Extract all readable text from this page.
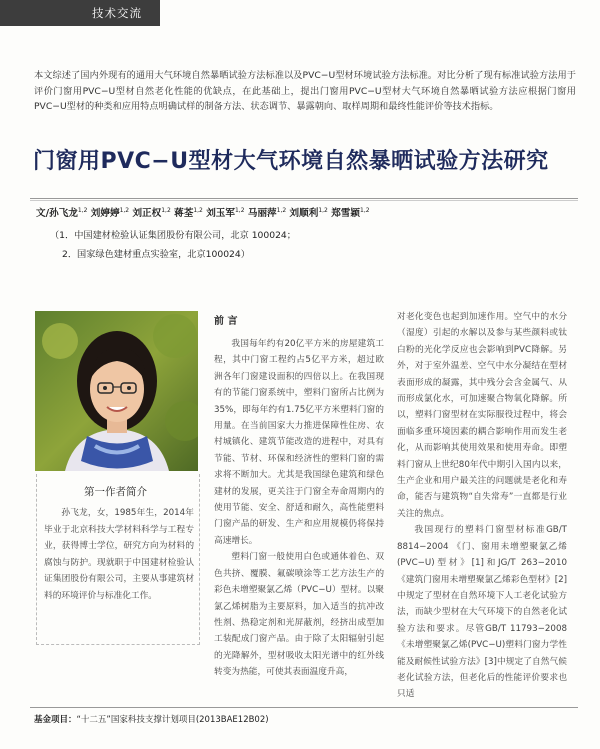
技术交流
本文综述了国内外现有的通用大气环境自然暴晒试验方法标准以及PVC−U型材环境试验方法标准。对比分析了现有标准试验方法用于评价门窗用PVC−U型材自然老化性能的优缺点，在此基础上，提出门窗用PVC−U型材大气环境自然暴晒试验方法应根据门窗用PVC−U型材的种类和应用特点明确试样的制备方法、状态调节、暴露朝向、取样周期和最终性能评价等技术指标。
门窗用PVC−U型材大气环境自然暴晒试验方法研究
文/孙飞龙$^{1,2}$ 刘婷婷$^{1,2}$ 刘正权$^{1,2}$ 蒋荃$^{1,2}$ 刘玉军$^{1,2}$ 马丽萍$^{1,2}$ 刘顺利$^{1,2}$ 郑雪颖$^{1,2}$
（1．中国建材检验认证集团股份有限公司，北京 100024；
2．国家绿色建材重点实验室，北京100024）
第一作者简介
孙飞龙，女，1985年生，2014年毕业于北京科技大学材料科学与工程专业，获得博士学位，研究方向为材料的腐蚀与防护。现就职于中国建材检验认证集团股份有限公司，主要从事建筑材料的环境评价与标准化工作。
前 言

我国每年约有20亿平方米的房屋建筑工程，其中门窗工程约占5亿平方米，超过欧洲各年门窗建设面积的四倍以上。在我国现有的节能门窗系统中，塑料门窗所占比例为35%，即每年约有1.75亿平方米塑料门窗的用量。在当前国家大力推进保障性住房、农村城镇化、建筑节能改造的进程中，对具有节能、节材、环保和经济性的塑料门窗的需求将不断加大。尤其是我国绿色建筑和绿色建材的发展，更关注于门窗全寿命周期内的使用节能、安全、舒适和耐久，高性能塑料门窗产品的研发、生产和应用规模仍将保持高速增长。

塑料门窗一般使用白色或通体着色、双色共挤、覆膜、氟碳喷涂等工艺方法生产的彩色未增塑聚氯乙烯（PVC−U）型材。以聚氯乙烯树脂为主要原料，加入适当的抗冲改性剂、热稳定剂和光屏蔽剂，经挤出成型加工装配成门窗产品。由于除了太阳辐射引起的光降解外，型材吸收太阳光谱中的红外线转变为热能，可使其表面温度升高，

对老化变色也起到加速作用。空气中的水分（湿度）引起的水解以及参与某些颜料或钛白粉的光化学反应也会影响到PVC降解。另外，对于室外温差、空气中水分凝结在型材表面形成的凝露，其中残分会含金属气、从而形成氯化水，可加速聚合物氧化降解。所以，塑料门窗型材在实际服役过程中，将会面临多重环境因素的耦合影响作用而发生老化，从而影响其使用效果和使用寿命。即塑料门窗从上世纪80年代中期引入国内以来，生产企业和用户最关注的问题就是老化和寿命，能否与建筑物“自失常寿”一直都是行业关注的焦点。

我国现行的塑料门窗型材标准GB/T 8814−2004 《门、窗用未增塑聚氯乙烯(PVC−U)型材》[1]和JG/T 263−2010 《建筑门窗用未增塑聚氯乙烯彩色型材》[2]中规定了型材在自然环境下人工老化试验方法，而缺少型材在大气环境下的自然老化试验方法和要求。尽管GB/T 11793−2008 《未增塑聚氯乙烯(PVC−U)塑料门窗力学性能及耐候性试验方法》[3]中规定了自然气候老化试验方法，但老化后的性能评价要求也只适

基金项目：“十二五”国家科技支撑计划项目(2013BAE12B02)
